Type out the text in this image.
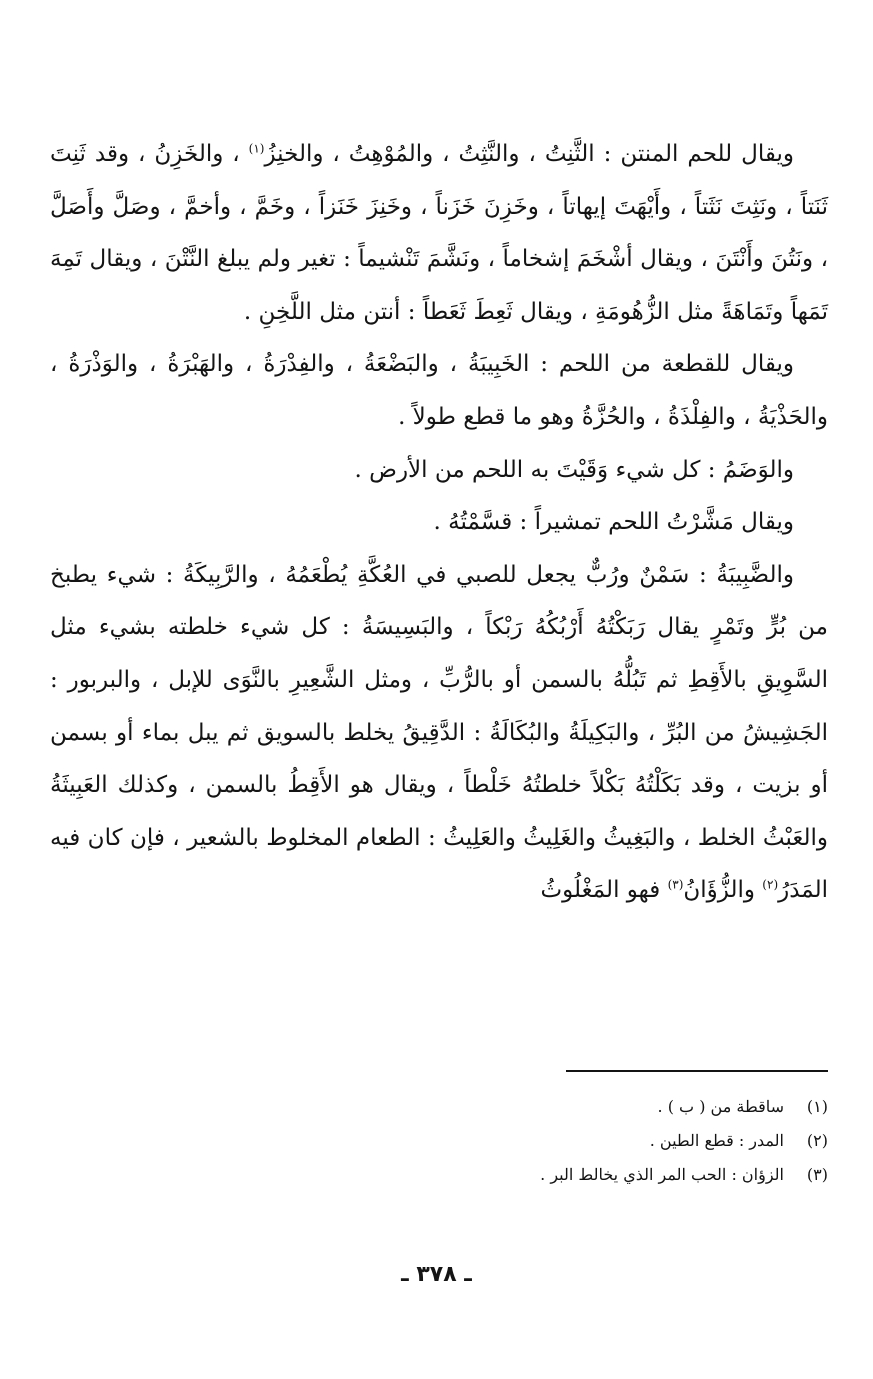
ويقال للحم المنتن : الثَّنِتُ ، والنَّثِتُ ، والمُوْهِتُ ، والخنِزُ$^{(١)}$ ، والخَزِنُ ، وقد ثَنِتَ ثَنَتاً ، ونَثِتَ نَثَتاً ، وأَيْهَتَ إيهاتاً ، وخَزِنَ خَزَناً ، وخَنِزَ خَنَزاً ، وخَمَّ ، وأخمَّ ، وصَلَّ وأَصَلَّ ، ونَتُنَ وأَنْتَنَ ، ويقال أشْخَمَ إشخاماً ، ونَشَّمَ تَنْشيماً : تغير ولم يبلغ النَّتْنَ ، ويقال تَمِهَ تَمَهاً وتَمَاهَةً مثل الزُّهُومَةِ ، ويقال ثَعِطَ ثَعَطاً : أنتن مثل اللَّخِنِ .

ويقال للقطعة من اللحم : الخَبِيبَةُ ، والبَضْعَةُ ، والفِدْرَةُ ، والهَبْرَةُ ، والوَذْرَةُ ، والحَذْيَةُ ، والفِلْذَةُ ، والحُزَّةُ وهو ما قطع طولاً .

والوَضَمُ : كل شيء وَقَيْتَ به اللحم من الأرض .

ويقال مَشَّرْتُ اللحم تمشيراً : قسَّمْتُهُ .

والضَّبِيبَةُ : سَمْنٌ ورُبٌّ يجعل للصبي في العُكَّةِ يُطْعَمُهُ ، والرَّبِيكَةُ : شيء يطبخ من بُرٍّ وتَمْرٍ يقال رَبَكْتُهُ أَرْبُكُهُ رَبْكاً ، والبَسِيسَةُ : كل شيء خلطته بشيء مثل السَّوِيقِ بالأَقِطِ ثم تَبُلُّهُ بالسمن أو بالرُّبِّ ، ومثل الشَّعِيرِ بالنَّوَى للإبل ، والبربور : الجَشِيشُ من البُرِّ ، والبَكِيلَةُ والبُكَالَةُ : الدَّقِيقُ يخلط بالسويق ثم يبل بماء أو بسمن أو بزيت ، وقد بَكَلْتُهُ بَكْلاً خلطتُهُ خَلْطاً ، ويقال هو الأَقِطُ بالسمن ، وكذلك العَبِيثَةُ والعَبْثُ الخلط ، والبَغِيثُ والغَلِيثُ والعَلِيثُ : الطعام المخلوط بالشعير ، فإن كان فيه المَدَرُ$^{(٢)}$ والزُّؤَانُ$^{(٣)}$ فهو المَغْلُوثُ

(١)
ساقطة من ( ب ) .
(٢)
المدر : قطع الطين .
(٣)
الزؤان : الحب المر الذي يخالط البر .
ـ ٣٧٨ ـ
